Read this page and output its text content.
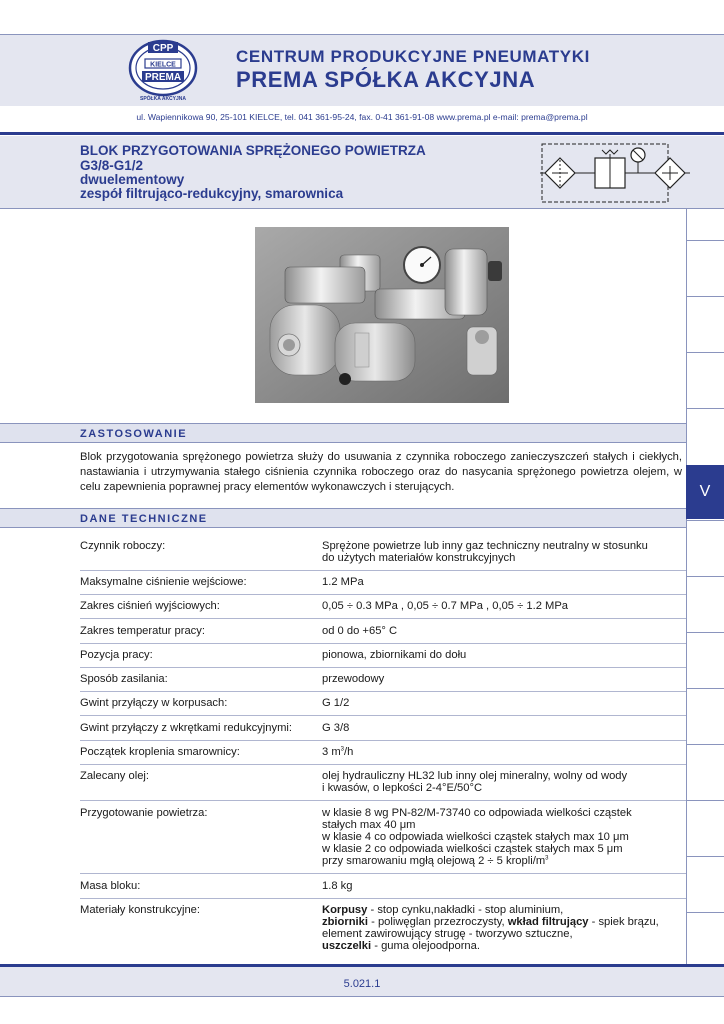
CPP
KIELCE
PREMA
SPÓŁKA AKCYJNA
CENTRUM PRODUKCYJNE PNEUMATYKI
PREMA SPÓŁKA AKCYJNA
ul. Wapiennikowa 90, 25-101 KIELCE, tel. 041 361-95-24, fax. 0-41 361-91-08 www.prema.pl e-mail: prema@prema.pl
BLOK PRZYGOTOWANIA SPRĘŻONEGO POWIETRZA
G3/8-G1/2
dwuelementowy
zespół filtrująco-redukcyjny, smarownica
V
ZASTOSOWANIE
Blok przygotowania sprężonego powietrza służy do usuwania z czynnika roboczego zanieczyszczeń stałych i ciekłych, nastawiania i utrzymywania stałego ciśnienia czynnika roboczego oraz do nasycania sprężonego powietrza olejem, w celu zapewnienia poprawnej pracy elementów wykonawczych i sterujących.
DANE TECHNICZNE
Czynnik roboczy:	Sprężone powietrze lub inny gaz techniczny neutralny w stosunku
do użytych materiałów konstrukcyjnych
Maksymalne ciśnienie wejściowe:	1.2 MPa
Zakres ciśnień wyjściowych:	0,05 ÷ 0.3 MPa , 0,05 ÷ 0.7 MPa , 0,05 ÷ 1.2 MPa
Zakres temperatur pracy:	od 0 do +65° C
Pozycja pracy:	pionowa, zbiornikami do dołu
Sposób zasilania:	przewodowy
Gwint przyłączy w korpusach:	G 1/2
Gwint przyłączy z wkrętkami redukcyjnymi:	G 3/8
Początek kroplenia smarownicy:	3 $m^3/h$
Zalecany olej:	olej hydrauliczny HL32 lub inny olej mineralny, wolny od wody
i kwasów, o lepkości 2-4°E/50°C
Przygotowanie powietrza:	w klasie 8 wg PN-82/M-73740 co odpowiada wielkości cząstek
stałych max 40 μm
w klasie 4 co odpowiada wielkości cząstek stałych max 10 μm
w klasie 2 co odpowiada wielkości cząstek stałych max 5 μm
przy smarowaniu mgłą olejową 2 ÷ 5 kropli/$m^3$
Masa bloku:	1.8 kg
Materiały konstrukcyjne:	Korpusy - stop cynku,nakładki - stop aluminium,
zbiorniki - poliwęglan przezroczysty, wkład filtrujący - spiek brązu,
element zawirowujący strugę - tworzywo sztuczne,
uszczelki - guma olejoodporna.
5.021.1
